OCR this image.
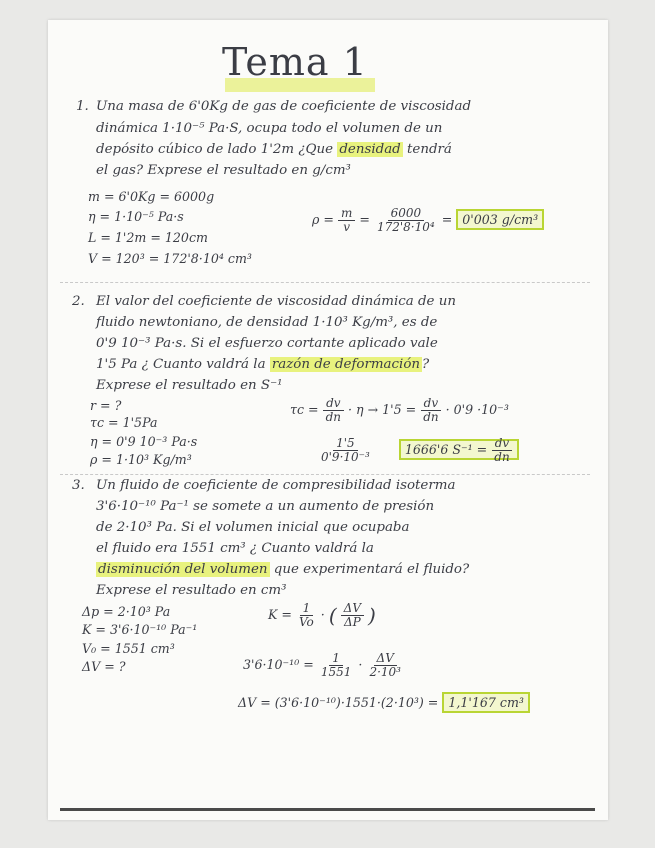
Tema 1
1. Una masa de 6'0Kg de gas de coeficiente de viscosidad
dinámica 1·10⁻⁵ Pa·S, ocupa todo el volumen de un
depósito cúbico de lado 1'2m ¿Que densidad tendrá
el gas? Exprese el resultado en g/cm³
m = 6'0Kg = 6000g
η = 1·10⁻⁵ Pa·s
L = 1'2m = 120cm
V = 120³ = 172'8·10⁴ cm³
$\rho = \frac{m}{v} = \frac{6000}{\text{172'8·10⁴}} = 0'003$ g/cm³
2. El valor del coeficiente de viscosidad dinámica de un
fluido newtoniano, de densidad 1·10³ Kg/m³, es de
0'9 10⁻³ Pa·s. Si el esfuerzo cortante aplicado vale
1'5 Pa ¿ Cuanto valdrá la razón de deformación ?
Exprese el resultado en S⁻¹
r = ?
τc = 1'5Pa
η = 0'9 10⁻³ Pa·s
ρ = 1·10³ Kg/m³
$\tau c = \frac{dv}{dn} \cdot \eta \to 1'5 = \frac{dv}{dn} \cdot 0'9 \cdot 10^{-3}$
$\frac{1'5}{\text{0'9·10⁻³}}$	1666'6 $S^{-1} = \frac{dv}{dn}$
3. Un fluido de coeficiente de compresibilidad isoterma
3'6·10⁻¹⁰ Pa⁻¹ se somete a un aumento de presión
de 2·10³ Pa. Si el volumen inicial que ocupaba
el fluido era 1551 cm³ ¿ Cuanto valdrá la
disminución del volumen que experimentará el fluido?
Exprese el resultado en cm³
Δp = 2·10³ Pa
K = 3'6·10⁻¹⁰ Pa⁻¹
V₀ = 1551 cm³
ΔV = ?
$K = \frac{1}{Vo}$ · ( $\frac{\Delta V}{\Delta P}$ )
$3'6\cdot 10^{-10} = \frac{1}{1551} \cdot \frac{\Delta V}{\text{2·10³}}$
ΔV = (3'6·10⁻¹⁰)·1551·(2·10³) = 1,1'167 cm³
